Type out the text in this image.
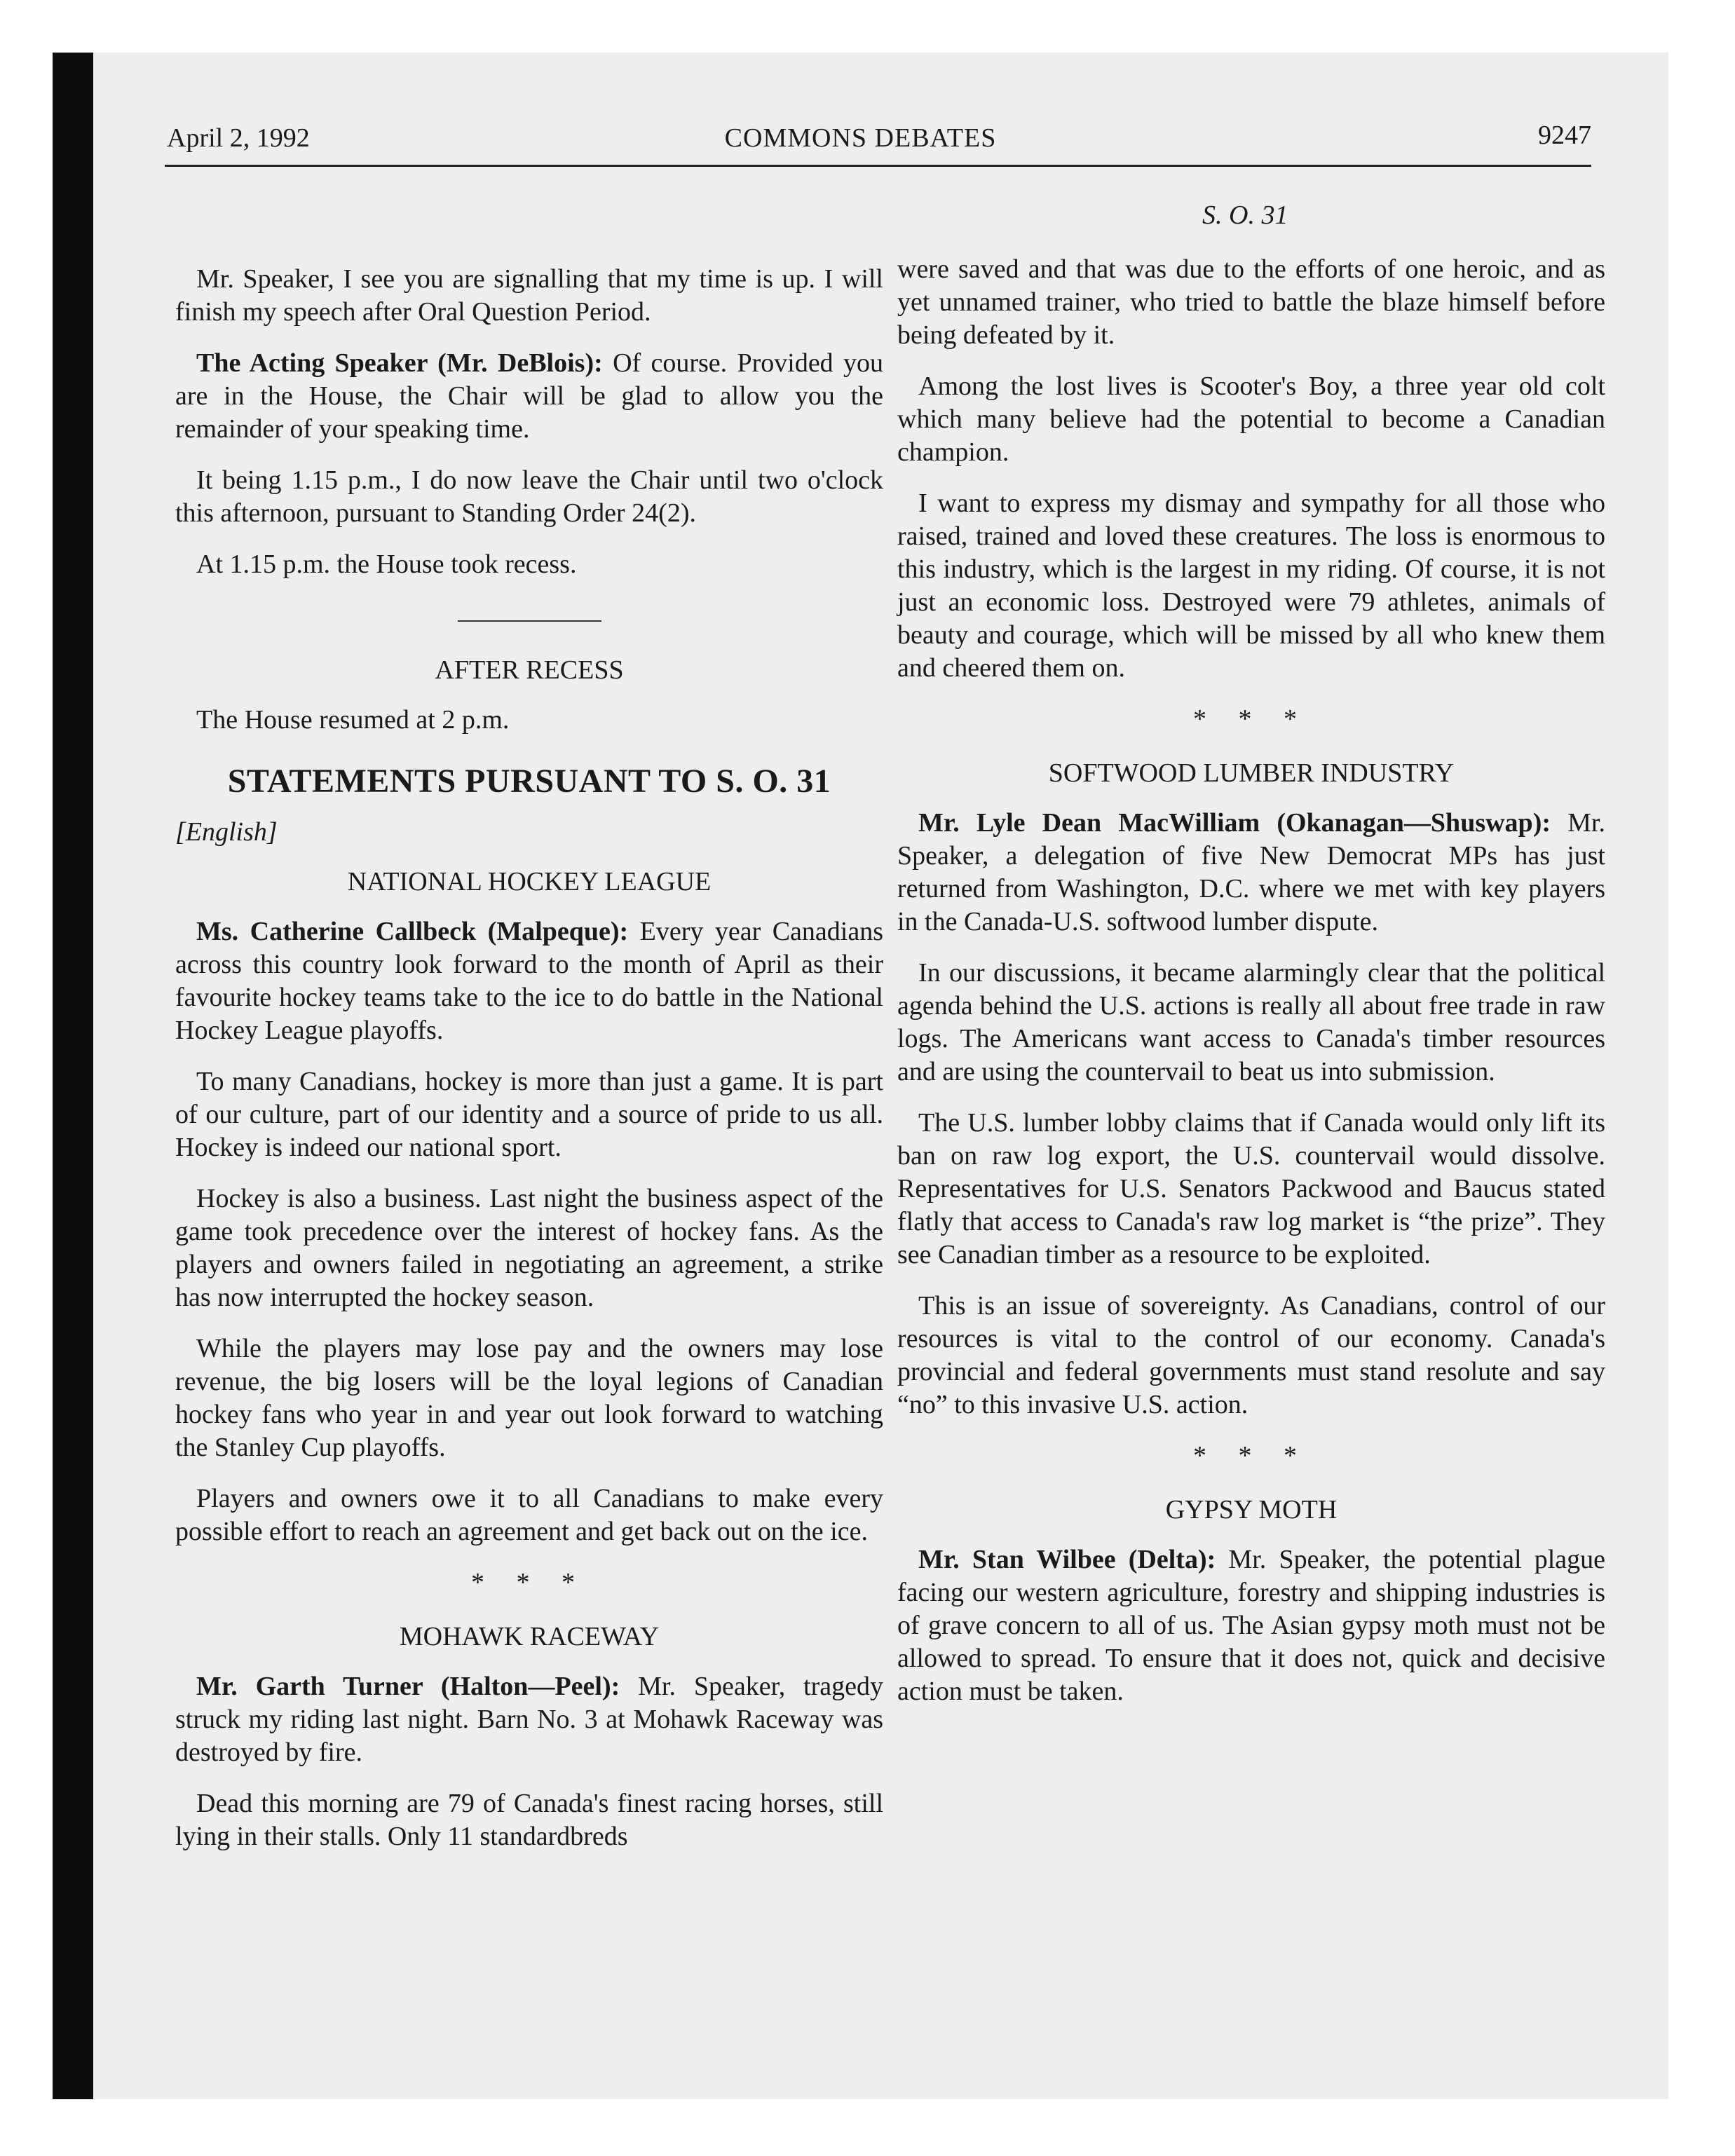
April 2, 1992	COMMONS DEBATES	9247
S. O. 31

Mr. Speaker, I see you are signalling that my time is up. I will finish my speech after Oral Question Period.

The Acting Speaker (Mr. DeBlois): Of course. Provided you are in the House, the Chair will be glad to allow you the remainder of your speaking time.

It being 1.15 p.m., I do now leave the Chair until two o'clock this afternoon, pursuant to Standing Order 24(2).

At 1.15 p.m. the House took recess.

AFTER RECESS

The House resumed at 2 p.m.

STATEMENTS PURSUANT TO S. O. 31
[English]
NATIONAL HOCKEY LEAGUE

Ms. Catherine Callbeck (Malpeque): Every year Canadians across this country look forward to the month of April as their favourite hockey teams take to the ice to do battle in the National Hockey League playoffs.

To many Canadians, hockey is more than just a game. It is part of our culture, part of our identity and a source of pride to us all. Hockey is indeed our national sport.

Hockey is also a business. Last night the business aspect of the game took precedence over the interest of hockey fans. As the players and owners failed in negotiating an agreement, a strike has now interrupted the hockey season.

While the players may lose pay and the owners may lose revenue, the big losers will be the loyal legions of Canadian hockey fans who year in and year out look forward to watching the Stanley Cup playoffs.

Players and owners owe it to all Canadians to make every possible effort to reach an agreement and get back out on the ice.

* * *
MOHAWK RACEWAY

Mr. Garth Turner (Halton—Peel): Mr. Speaker, tragedy struck my riding last night. Barn No. 3 at Mohawk Raceway was destroyed by fire.

Dead this morning are 79 of Canada's finest racing horses, still lying in their stalls. Only 11 standardbreds

were saved and that was due to the efforts of one heroic, and as yet unnamed trainer, who tried to battle the blaze himself before being defeated by it.

Among the lost lives is Scooter's Boy, a three year old colt which many believe had the potential to become a Canadian champion.

I want to express my dismay and sympathy for all those who raised, trained and loved these creatures. The loss is enormous to this industry, which is the largest in my riding. Of course, it is not just an economic loss. Destroyed were 79 athletes, animals of beauty and courage, which will be missed by all who knew them and cheered them on.

* * *
SOFTWOOD LUMBER INDUSTRY

Mr. Lyle Dean MacWilliam (Okanagan—Shuswap): Mr. Speaker, a delegation of five New Democrat MPs has just returned from Washington, D.C. where we met with key players in the Canada-U.S. softwood lumber dispute.

In our discussions, it became alarmingly clear that the political agenda behind the U.S. actions is really all about free trade in raw logs. The Americans want access to Canada's timber resources and are using the countervail to beat us into submission.

The U.S. lumber lobby claims that if Canada would only lift its ban on raw log export, the U.S. countervail would dissolve. Representatives for U.S. Senators Packwood and Baucus stated flatly that access to Canada's raw log market is “the prize”. They see Canadian timber as a resource to be exploited.

This is an issue of sovereignty. As Canadians, control of our resources is vital to the control of our economy. Canada's provincial and federal governments must stand resolute and say “no” to this invasive U.S. action.

* * *
GYPSY MOTH

Mr. Stan Wilbee (Delta): Mr. Speaker, the potential plague facing our western agriculture, forestry and shipping industries is of grave concern to all of us. The Asian gypsy moth must not be allowed to spread. To ensure that it does not, quick and decisive action must be taken.
